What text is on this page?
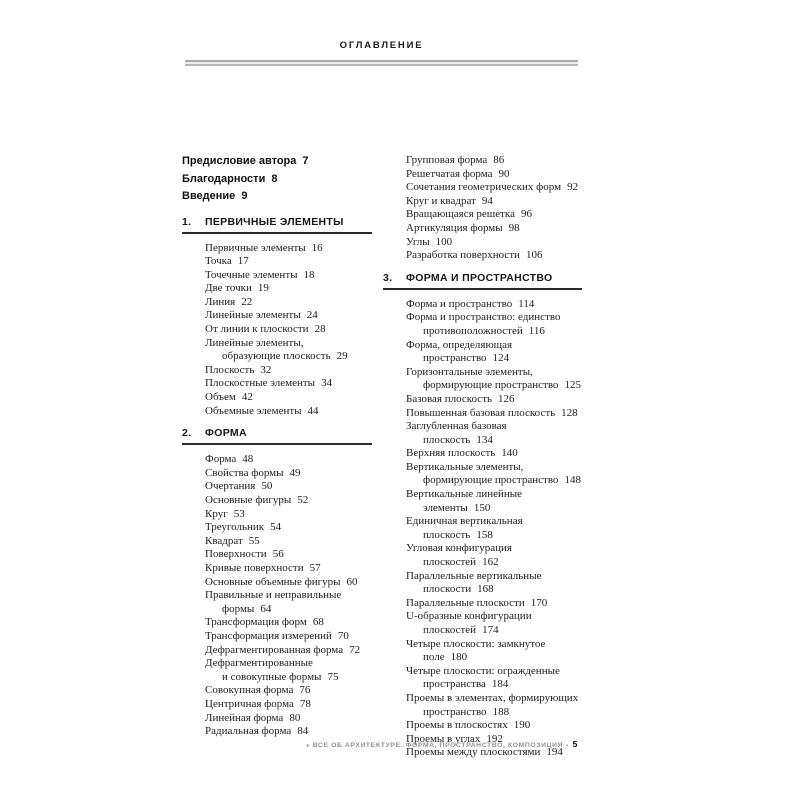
ОГЛАВЛЕНИЕ
Предисловие автора 7
Благодарности 8
Введение 9
1. ПЕРВИЧНЫЕ ЭЛЕМЕНТЫ
Первичные элементы 16
Точка 17
Точечные элементы 18
Две точки 19
Линия 22
Линейные элементы 24
От линии к плоскости 28
Линейные элементы,
образующие плоскость 29
Плоскость 32
Плоскостные элементы 34
Объем 42
Объемные элементы 44
2. ФОРМА
Форма 48
Свойства формы 49
Очертания 50
Основные фигуры 52
Круг 53
Треугольник 54
Квадрат 55
Поверхности 56
Кривые поверхности 57
Основные объемные фигуры 60
Правильные и неправильные
формы 64
Трансформация форм 68
Трансформация измерений 70
Дефрагментированная форма 72
Дефрагментированные
и совокупные формы 75
Совокупная форма 76
Центричная форма 78
Линейная форма 80
Радиальная форма 84
Групповая форма 86
Решетчатая форма 90
Сочетания геометрических форм 92
Круг и квадрат 94
Вращающаяся решетка 96
Артикуляция формы 98
Углы 100
Разработка поверхности 106
3. ФОРМА И ПРОСТРАНСТВО
Форма и пространство 114
Форма и пространство: единство
противоположностей 116
Форма, определяющая
пространство 124
Горизонтальные элементы,
формирующие пространство 125
Базовая плоскость 126
Повышенная базовая плоскость 128
Заглубленная базовая
плоскость 134
Верхняя плоскость 140
Вертикальные элементы,
формирующие пространство 148
Вертикальные линейные
элементы 150
Единичная вертикальная
плоскость 158
Угловая конфигурация
плоскостей 162
Параллельные вертикальные
плоскости 168
Параллельные плоскости 170
U-образные конфигурации
плоскостей 174
Четыре плоскости: замкнутое
поле 180
Четыре плоскости: огражденные
пространства 184
Проемы в элементах, формирующих
пространство 188
Проемы в плоскостях 190
Проемы в углах 192
Проемы между плоскостями 194
♦ ВСЕ ОБ АРХИТЕКТУРЕ. ФОРМА, ПРОСТРАНСТВО, КОМПОЗИЦИЯ • 5
